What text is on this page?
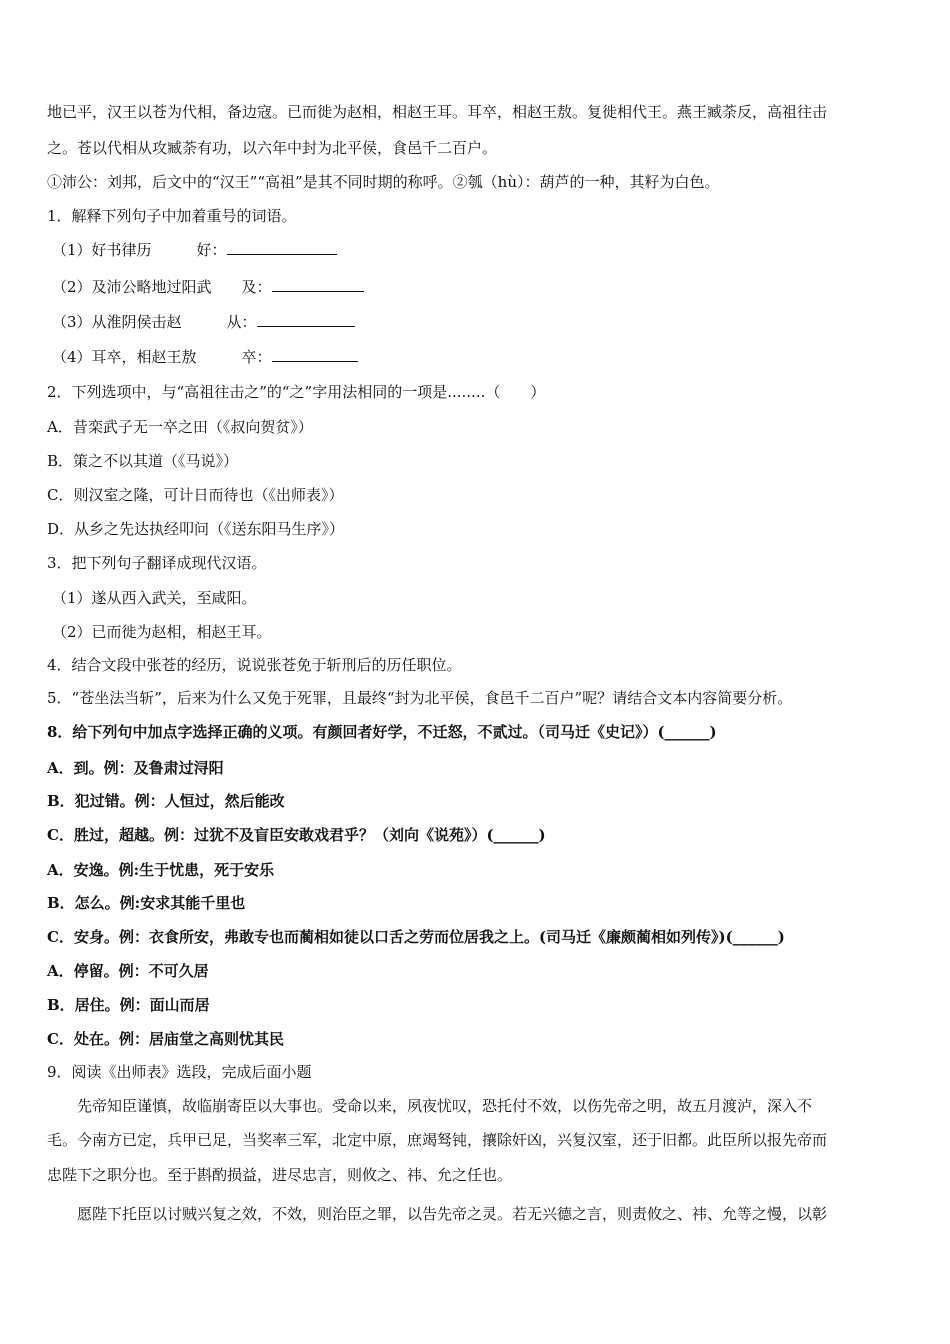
地已平，汉王以苍为代相，备边寇。已而徙为赵相，相赵王耳。耳卒，相赵王敖。复徙相代王。燕王臧荼反，高祖往击
之。苍以代相从攻臧荼有功，以六年中封为北平侯，食邑千二百户。
①沛公：刘邦，后文中的“汉王”“高祖”是其不同时期的称呼。②瓠（hù）：葫芦的一种，其籽为白色。
1．解释下列句子中加着重号的词语。
（1）好书律历　　　好：
（2）及沛公略地过阳武　　及：
（3）从淮阴侯击赵　　　从：
（4）耳卒，相赵王敖　　　卒：
2．下列选项中，与“高祖往击之”的“之”字用法相同的一项是........（　　）
A．昔栾武子无一卒之田（《叔向贺贫》）
B．策之不以其道（《马说》）
C．则汉室之隆，可计日而待也（《出师表》）
D．从乡之先达执经叩问（《送东阳马生序》）
3．把下列句子翻译成现代汉语。
（1）遂从西入武关，至咸阳。
（2）已而徙为赵相，相赵王耳。
4．结合文段中张苍的经历，说说张苍免于斩刑后的历任职位。
5．“苍坐法当斩”，后来为什么又免于死罪，且最终“封为北平侯，食邑千二百户”呢？请结合文本内容简要分析。
8．给下列句中加点字选择正确的义项。有颜回者好学，不迁怒，不贰过。（司马迁《史记》）(______)
A．到。例：及鲁肃过浔阳
B．犯过错。例：人恒过，然后能改
C．胜过，超越。例：过犹不及盲臣安敢戏君乎？（刘向《说苑》）(______)
A．安逸。例:生于忧患，死于安乐
B．怎么。例:安求其能千里也
C．安身。例：衣食所安，弗敢专也而蔺相如徒以口舌之劳而位居我之上。(司马迁《廉颇蔺相如列传》)(______)
A．停留。例：不可久居
B．居住。例：面山而居
C．处在。例：居庙堂之高则忧其民
9．阅读《出师表》选段，完成后面小题
先帝知臣谨慎，故临崩寄臣以大事也。受命以来，夙夜忧叹，恐托付不效，以伤先帝之明，故五月渡泸，深入不
毛。今南方已定，兵甲已足，当奖率三军，北定中原，庶竭驽钝，攘除奸凶，兴复汉室，还于旧都。此臣所以报先帝而
忠陛下之职分也。至于斟酌损益，进尽忠言，则攸之、祎、允之任也。
愿陛下托臣以讨贼兴复之效，不效，则治臣之罪，以告先帝之灵。若无兴德之言，则责攸之、祎、允等之慢，以彰
